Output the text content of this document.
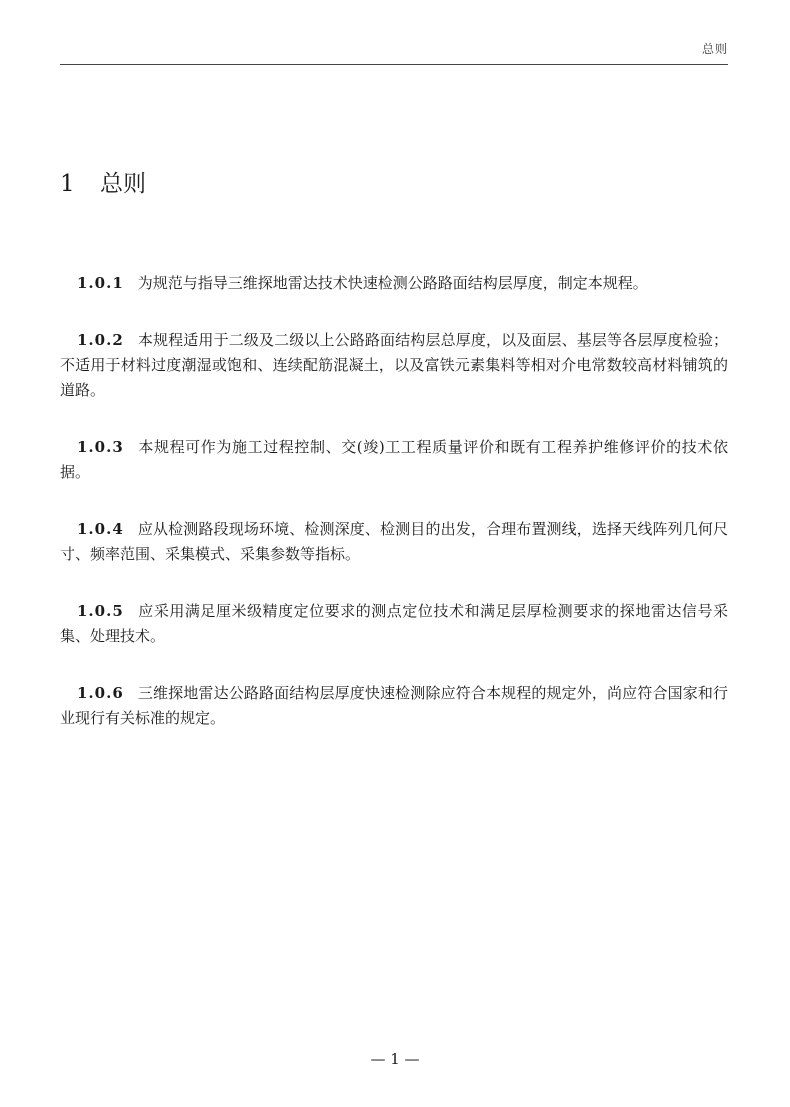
总则
1 总则

1.0.1 为规范与指导三维探地雷达技术快速检测公路路面结构层厚度，制定本规程。

1.0.2 本规程适用于二级及二级以上公路路面结构层总厚度，以及面层、基层等各层厚度检验；不适用于材料过度潮湿或饱和、连续配筋混凝土，以及富铁元素集料等相对介电常数较高材料铺筑的道路。

1.0.3 本规程可作为施工过程控制、交(竣)工工程质量评价和既有工程养护维修评价的技术依据。

1.0.4 应从检测路段现场环境、检测深度、检测目的出发，合理布置测线，选择天线阵列几何尺寸、频率范围、采集模式、采集参数等指标。

1.0.5 应采用满足厘米级精度定位要求的测点定位技术和满足层厚检测要求的探地雷达信号采集、处理技术。

1.0.6 三维探地雷达公路路面结构层厚度快速检测除应符合本规程的规定外，尚应符合国家和行业现行有关标准的规定。

— 1 —
